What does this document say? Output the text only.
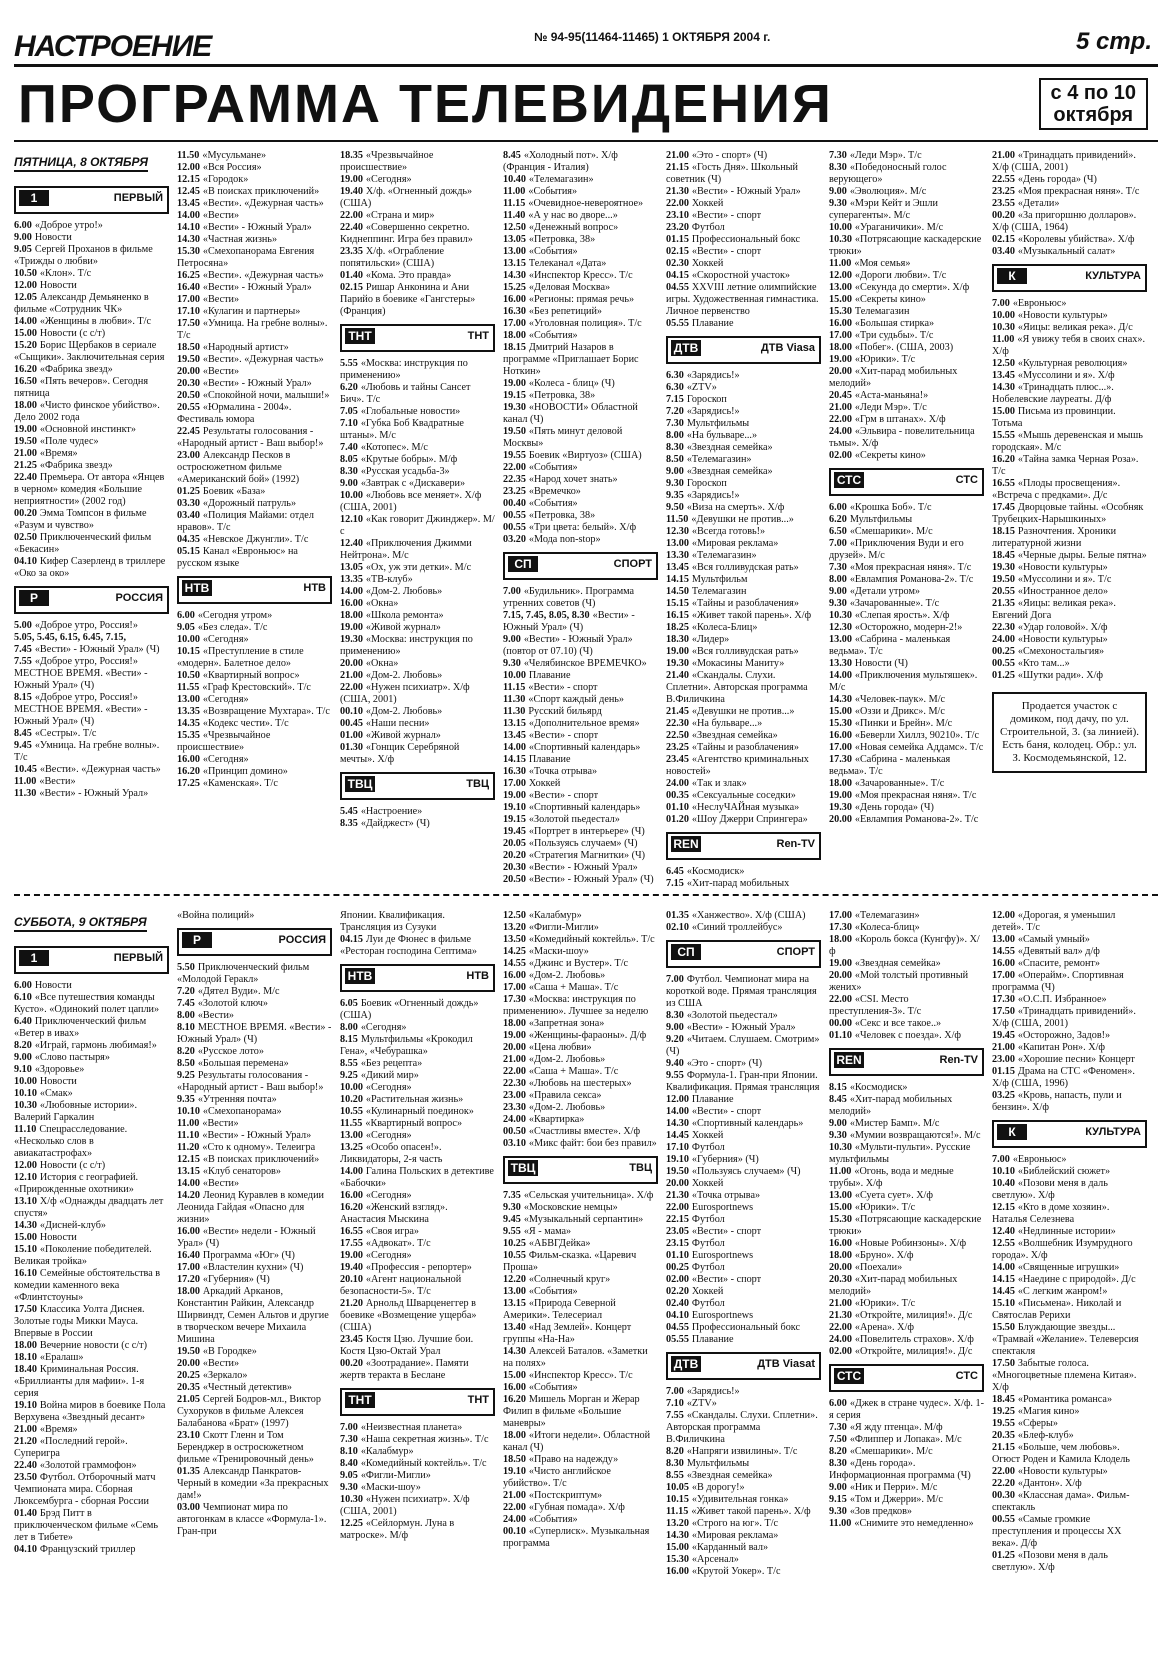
НАСТРОЕНИЕ	№ 94-95(11464-11465) 1 ОКТЯБРЯ 2004 г.	5 стр.
ПРОГРАММА ТЕЛЕВИДЕНИЯ	с 4 по 10
октября
ПЯТНИЦА, 8 ОКТЯБРЯ
1	ПЕРВЫЙ
6.00 «Доброе утро!»
9.00 Новости
9.05 Сергей Проханов в фильме «Трижды о любви»
10.50 «Клон». Т/с
12.00 Новости
12.05 Александр Демьяненко в фильме «Сотрудник ЧК»
14.00 «Женщины в любви». Т/с
15.00 Новости (с с/т)
15.20 Борис Щербаков в сериале «Сыщики». Заключительная серия
16.20 «Фабрика звезд»
16.50 «Пять вечеров». Сегодня пятница
18.00 «Чисто финское убийство». Дело 2002 года
19.00 «Основной инстинкт»
19.50 «Поле чудес»
21.00 «Время»
21.25 «Фабрика звезд»
22.40 Премьера. От автора «Янцев в черном» комедия «Большие неприятности» (2002 год)
00.20 Эмма Томпсон в фильме «Разум и чувство»
02.50 Приключенческий фильм «Бекасин»
04.10 Кифер Сазерленд в триллере «Око за око»
Р	РОССИЯ
5.00 «Доброе утро, Россия!»
5.05, 5.45, 6.15, 6.45, 7.15, 7.45 «Вести» - Южный Урал» (Ч)
7.55 «Доброе утро, Россия!» МЕСТНОЕ ВРЕМЯ. «Вести» - Южный Урал» (Ч)
8.15 «Доброе утро, Россия!» МЕСТНОЕ ВРЕМЯ. «Вести» - Южный Урал» (Ч)
8.45 «Сестры». Т/с
9.45 «Умница. На гребне волны». Т/с
10.45 «Вести». «Дежурная часть»
11.00 «Вести»
11.30 «Вести» - Южный Урал»
11.50 «Мусульмане»
12.00 «Вся Россия»
12.15 «Городок»
12.45 «В поисках приключений»
13.45 «Вести». «Дежурная часть»
14.00 «Вести»
14.10 «Вести» - Южный Урал»
14.30 «Частная жизнь»
15.30 «Смехопанорама Евгения Петросяна»
16.25 «Вести». «Дежурная часть»
16.40 «Вести» - Южный Урал»
17.00 «Вести»
17.10 «Кулагин и партнеры»
17.50 «Умница. На гребне волны». Т/с
18.50 «Народный артист»
19.50 «Вести». «Дежурная часть»
20.00 «Вести»
20.30 «Вести» - Южный Урал»
20.50 «Спокойной ночи, малыши!»
20.55 «Юрмалина - 2004». Фестиваль юмора
22.45 Результаты голосования - «Народный артист - Ваш выбор!»
23.00 Александр Песков в остросюжетном фильме «Американский бой» (1992)
01.25 Боевик «База»
03.30 «Дорожный патруль»
03.40 «Полиция Майами: отдел нравов». Т/с
04.35 «Невское Джунгли». Т/с
05.15 Канал «Евроньюс» на русском языке
НТВ	НТВ
6.00 «Сегодня утром»
9.05 «Без следа». Т/с
10.00 «Сегодня»
10.15 «Преступление в стиле «модерн». Балетное дело»
10.50 «Квартирный вопрос»
11.55 «Граф Крестовский». Т/с
13.00 «Сегодня»
13.35 «Возвращение Мухтара». Т/с
14.35 «Кодекс чести». Т/с
15.35 «Чрезвычайное происшествие»
16.00 «Сегодня»
16.20 «Принцип домино»
17.25 «Каменская». Т/с
18.35 «Чрезвычайное происшествие»
19.00 «Сегодня»
19.40 Х/ф. «Огненный дождь» (США)
22.00 «Страна и мир»
22.40 «Совершенно секретно. Киднеппинг. Игра без правил»
23.35 Х/ф. «Ограбление попятильски» (США)
01.40 «Кома. Это правда»
02.15 Ришар Анконина и Ани Парийо в боевике «Гангстеры» (Франция)
ТНТ	ТНТ
5.55 «Москва: инструкция по применению»
6.20 «Любовь и тайны Сансет Бич». Т/с
7.05 «Глобальные новости»
7.10 «Губка Боб Квадратные штаны». М/с
7.40 «Котопес». М/с
8.05 «Крутые бобры». М/ф
8.30 «Русская усадьба-3»
9.00 «Завтрак с «Дискавери»
10.00 «Любовь все меняет». Х/ф (США, 2001)
12.10 «Как говорит Джинджер». М/с
12.40 «Приключения Джимми Нейтрона». М/с
13.05 «Ох, уж эти детки». М/с
13.35 «ТВ-клуб»
14.00 «Дом-2. Любовь»
16.00 «Окна»
18.00 «Школа ремонта»
19.00 «Живой журнал»
19.30 «Москва: инструкция по применению»
20.00 «Окна»
21.00 «Дом-2. Любовь»
22.00 «Нужен психиатр». Х/ф (США, 2001)
00.10 «Дом-2. Любовь»
00.45 «Наши песни»
01.00 «Живой журнал»
01.30 «Гонщик Серебряной мечты». Х/ф
ТВЦ	ТВЦ
5.45 «Настроение»
8.35 «Дайджест» (Ч)
8.45 «Холодный пот». Х/ф (Франция - Италия)
10.40 «Телемагазин»
11.00 «События»
11.15 «Очевидное-невероятное»
11.40 «А у нас во дворе...»
12.50 «Денежный вопрос»
13.05 «Петровка, 38»
13.00 «События»
13.15 Телеканал «Дата»
14.30 «Инспектор Кресс». Т/с
15.25 «Деловая Москва»
16.00 «Регионы: прямая речь»
16.30 «Без репетиций»
17.00 «Уголовная полиция». Т/с
18.00 «События»
18.15 Дмитрий Назаров в программе «Приглашает Борис Ноткин»
19.00 «Колеса - блиц» (Ч)
19.15 «Петровка, 38»
19.30 «НОВОСТИ» Областной канал (Ч)
19.50 «Пять минут деловой Москвы»
19.55 Боевик «Виртуоз» (США)
22.00 «События»
22.35 «Народ хочет знать»
23.25 «Времечко»
00.40 «События»
00.55 «Петровка, 38»
00.55 «Три цвета: белый». Х/ф
03.20 «Мода non-stop»
СП	СПОРТ
7.00 «Будильник». Программа утренних советов (Ч)
7.15, 7.45, 8.05, 8.30 «Вести» - Южный Урал» (Ч)
9.00 «Вести» - Южный Урал» (повтор от 07.10) (Ч)
9.30 «Челябинское ВРЕМЕЧКО»
10.00 Плавание
11.15 «Вести» - спорт
11.30 «Спорт каждый день»
11.30 Русский бильярд
13.15 «Дополнительное время»
13.45 «Вести» - спорт
14.00 «Спортивный календарь»
14.15 Плавание
16.30 «Точка отрыва»
17.00 Хоккей
19.00 «Вести» - спорт
19.10 «Спортивный календарь»
19.15 «Золотой пьедестал»
19.45 «Портрет в интерьере» (Ч)
20.05 «Пользуясь случаем» (Ч)
20.20 «Стратегия Магнитки» (Ч)
20.30 «Вести» - Южный Урал»
20.50 «Вести» - Южный Урал» (Ч)
21.00 «Это - спорт» (Ч)
21.15 «Гость Дня». Школьный советник (Ч)
21.30 «Вести» - Южный Урал»
22.00 Хоккей
23.10 «Вести» - спорт
23.20 Футбол
01.15 Профессиональный бокс
02.15 «Вести» - спорт
02.30 Хоккей
04.15 «Скоростной участок»
04.55 XXVIII летние олимпийские игры. Художественная гимнастика. Личное первенство
05.55 Плавание
ДТВ	ДТВ Viasa
6.30 «Зарядись!»
6.30 «ZTV»
7.15 Гороскоп
7.20 «Зарядись!»
7.30 Мультфильмы
8.00 «На бульваре...»
8.30 «Звездная семейка»
8.50 «Телемагазин»
9.00 «Звездная семейка»
9.30 Гороскоп
9.35 «Зарядись!»
9.50 «Виза на смерть». Х/ф
11.50 «Девушки не против...»
12.30 «Всегда готовь!»
13.00 «Мировая реклама»
13.30 «Телемагазин»
13.45 «Вся голливудская рать»
14.15 Мультфильм
14.50 Телемагазин
15.15 «Тайны и разоблачения»
16.15 «Живет такой парень». Х/ф
18.25 «Колеса-Блиц»
18.30 «Лидер»
19.00 «Вся голливудская рать»
19.30 «Мокасины Маниту»
21.40 «Скандалы. Слухи. Сплетни». Авторская программа В.Филичкина
21.45 «Девушки не против...»
22.30 «На бульваре...»
22.50 «Звездная семейка»
23.25 «Тайны и разоблачения»
23.45 «Агентство криминальных новостей»
24.00 «Так и злак»
00.35 «Сексуальные соседки»
01.10 «НеслуЧАЙная музыка»
01.20 «Шоу Джерри Спрингера»
REN	Ren-TV
6.45 «Космодиск»
7.15 «Хит-парад мобильных
7.30 «Леди Мэр». Т/с
8.30 «Победоносный голос верующего»
9.00 «Эволюция». М/с
9.30 «Мэри Кейт и Эшли суперагенты». М/с
10.00 «Ураганичики». М/с
10.30 «Потрясающие каскадерские трюки»
11.00 «Моя семья»
12.00 «Дороги любви». Т/с
13.00 «Секунда до смерти». Х/ф
15.00 «Секреты кино»
15.30 Телемагазин
16.00 «Большая стирка»
17.00 «Три судьбы». Т/с
18.00 «Побег». (США, 2003)
19.00 «Юрики». Т/с
20.00 «Хит-парад мобильных мелодий»
20.45 «Аста-маньяна!»
21.00 «Леди Мэр». Т/с
22.00 «Грм в штанах». Х/ф
24.00 «Эльвира - повелительница тьмы». Х/ф
02.00 «Секреты кино»
СТС	СТС
6.00 «Крошка Боб». Т/с
6.20 Мультфильмы
6.50 «Смешарики». М/с
7.00 «Приключения Вуди и его друзей». М/с
7.30 «Моя прекрасная няня». Т/с
8.00 «Евлампия Романова-2». Т/с
9.00 «Детали утром»
9.30 «Зачарованные». Т/с
10.30 «Слепая ярость». Х/ф
12.30 «Осторожно, модерн-2!»
13.00 «Сабрина - маленькая ведьма». Т/с
13.30 Новости (Ч)
14.00 «Приключения мультяшек». М/с
14.30 «Человек-паук». М/с
15.00 «Оззи и Дрикс». М/с
15.30 «Пинки и Брейн». М/с
16.00 «Беверли Хиллз, 90210». Т/с
17.00 «Новая семейка Аддамс». Т/с
17.30 «Сабрина - маленькая ведьма». Т/с
18.00 «Зачарованные». Т/с
19.00 «Моя прекрасная няня». Т/с
19.30 «День города» (Ч)
20.00 «Евлампия Романова-2». Т/с
21.00 «Тринадцать привидений». Х/ф (США, 2001)
22.55 «День города» (Ч)
23.25 «Моя прекрасная няня». Т/с
23.55 «Детали»
00.20 «За пригоршню долларов». Х/ф (США, 1964)
02.15 «Королевы убийства». Х/ф
03.40 «Музыкальный салат»
К	КУЛЬТУРА
7.00 «Евроньюс»
10.00 «Новости культуры»
10.30 «Яицы: великая река». Д/с
11.00 «Я увижу тебя в своих снах». Х/ф
12.50 «Культурная революция»
13.45 «Муссолини и я». Х/ф
14.30 «Тринадцать плюс...». Нобелевские лауреаты. Д/ф
15.00 Письма из провинции. Тотьма
15.55 «Мышь деревенская и мышь городская». М/с
16.20 «Тайна замка Черная Роза». Т/с
16.55 «Плоды просвещения». «Встреча с предками». Д/с
17.45 Дворцовые тайны. «Особняк Трубецких-Нарышкиных»
18.15 Разночтения. Хроники литературной жизни
18.45 «Черные дыры. Белые пятна»
19.30 «Новости культуры»
19.50 «Муссолини и я». Т/с
20.55 «Иностранное дело»
21.35 «Яицы: великая река». Евгений Дога
22.30 «Удар головой». Х/ф
24.00 «Новости культуры»
00.25 «Смехоностальгия»
00.55 «Кто там...»
01.25 «Шутки ради». Х/ф
Продается участок с домиком, под дачу, по ул. Строительной, 3. (за линией). Есть баня, колодец. Обр.: ул. З. Космодемьянской, 12.
СУББОТА, 9 ОКТЯБРЯ
1	ПЕРВЫЙ
6.00 Новости
6.10 «Все путешествия команды Кусто». «Одинокий полет цапли»
6.40 Приключенческий фильм «Ветер в ивах»
8.20 «Играй, гармонь любимая!»
9.00 «Слово пастыря»
9.10 «Здоровье»
10.00 Новости
10.10 «Смак»
10.30 «Любовные истории». Валерий Гаркалин
11.10 Спецрасследование. «Несколько слов в авиакатастрофах»
12.00 Новости (с с/т)
12.10 История с географией. «Прирожденные охотники»
13.10 Х/ф «Однажды двадцать лет спустя»
14.30 «Дисней-клуб»
15.00 Новости
15.10 «Поколение победителей. Великая тройка»
16.10 Семейные обстоятельства в комедии каменного века «Флинтстоуны»
17.50 Классика Уолта Диснея. Золотые годы Микки Мауса. Впервые в России
18.00 Вечерние новости (с с/т)
18.10 «Ералаш»
18.40 Криминальная Россия. «Бриллианты для мафии». 1-я серия
19.10 Война миров в боевике Пола Верхувена «Звездный десант»
21.00 «Время»
21.20 «Последний герой». Суперигра
22.40 «Золотой граммофон»
23.50 Футбол. Отборочный матч Чемпионата мира. Сборная Люксембурга - сборная России
01.40 Брэд Питт в приключенческом фильме «Семь лет в Тибете»
04.10 Французский триллер
«Война полиций»
Р	РОССИЯ
5.50 Приключенческий фильм «Молодой Геракл»
7.20 «Дятел Вуди». М/с
7.45 «Золотой ключ»
8.00 «Вести»
8.10 МЕСТНОЕ ВРЕМЯ. «Вести» - Южный Урал» (Ч)
8.20 «Русское лото»
8.50 «Большая перемена»
9.25 Результаты голосования - «Народный артист - Ваш выбор!»
9.35 «Утренняя почта»
10.10 «Смехопанорама»
11.00 «Вести»
11.10 «Вести» - Южный Урал»
11.20 «Сто к одному». Телеигра
12.15 «В поисках приключений»
13.15 «Клуб сенаторов»
14.00 «Вести»
14.20 Леонид Куравлев в комедии Леонида Гайдая «Опасно для жизни»
16.00 «Вести» недели - Южный Урал» (Ч)
16.40 Программа «Юг» (Ч)
17.00 «Властелин кухни» (Ч)
17.20 «Губерния» (Ч)
18.00 Аркадий Арканов, Константин Райкин, Александр Ширвиндт, Семен Альтов и другие в творческом вечере Михаила Мишина
19.50 «В Городке»
20.00 «Вести»
20.25 «Зеркало»
20.35 «Честный детектив»
21.05 Сергей Бодров-мл., Виктор Сухоруков в фильме Алексея Балабанова «Брат» (1997)
23.10 Скотт Гленн и Том Беренджер в остросюжетном фильме «Тренировочный день»
01.35 Александр Панкратов-Черный в комедии «За прекрасных дам!»
03.00 Чемпионат мира по автогонкам в классе «Формула-1». Гран-при
Японии. Квалификация. Трансляция из Сузуки
04.15 Луи де Фюнес в фильме «Ресторан господина Септима»
НТВ	НТВ
6.05 Боевик «Огненный дождь» (США)
8.00 «Сегодня»
8.15 Мультфильмы «Крокодил Гена», «Чебурашка»
8.55 «Без рецепта»
9.25 «Дикий мир»
10.00 «Сегодня»
10.20 «Растительная жизнь»
10.55 «Кулинарный поединок»
11.55 «Квартирный вопрос»
13.00 «Сегодня»
13.25 «Особо опасен!». Ликвидаторы, 2-я часть
14.00 Галина Польских в детективе «Бабочки»
16.00 «Сегодня»
16.20 «Женский взгляд». Анастасия Мыскина
16.55 «Своя игра»
17.55 «Адвокат». Т/с
19.00 «Сегодня»
19.40 «Профессия - репортер»
20.10 «Агент национальной безопасности-5». Т/с
21.20 Арнольд Шварценеггер в боевике «Возмещение ущерба» (США)
23.45 Костя Цзю. Лучшие бои. Костя Цзю-Октай Урал
00.20 «Зоотрадание». Памяти жертв теракта в Беслане
ТНТ	ТНТ
7.00 «Неизвестная планета»
7.30 «Наша секретная жизнь». Т/с
8.10 «Калабмур»
8.40 «Комедийный коктейль». Т/с
9.05 «Фигли-Мигли»
9.30 «Маски-шоу»
10.30 «Нужен психиатр». Х/ф (США, 2001)
12.25 «Сейлормун. Луна в матроске». М/ф
12.50 «Калабмур»
13.20 «Фигли-Мигли»
13.50 «Комедийный коктейль». Т/с
14.25 «Маски-шоу»
14.55 «Джинс и Вустер». Т/с
16.00 «Дом-2. Любовь»
17.00 «Саша + Маша». Т/с
17.30 «Москва: инструкция по применению». Лучшее за неделю
18.00 «Запретная зона»
19.00 «Женщины-фараоны». Д/ф
20.00 «Цена любви»
21.00 «Дом-2. Любовь»
22.00 «Саша + Маша». Т/с
22.30 «Любовь на шестерых»
23.00 «Правила секса»
23.30 «Дом-2. Любовь»
24.00 «Квартирка»
00.50 «Счастливы вместе». Х/ф
03.10 «Микс файт: бои без правил»
ТВЦ	ТВЦ
7.35 «Сельская учительница». Х/ф
9.30 «Московские немцы»
9.45 «Музыкальный серпантин»
9.55 «Я - мама»
10.25 «АБВГДейка»
10.55 Фильм-сказка. «Царевич Проша»
12.20 «Солнечный круг»
13.00 «События»
13.15 «Природа Северной Америки». Телесериал
13.40 «Над Землей». Концерт группы «На-На»
14.30 Алексей Баталов. «Заметки на полях»
15.00 «Инспектор Кресс». Т/с
16.00 «События»
16.20 Мишель Морган и Жерар Филип в фильме «Большие маневры»
18.00 «Итоги недели». Областной канал (Ч)
18.50 «Право на надежду»
19.10 «Чисто английское убийство». Т/с
21.00 «Постскриптум»
22.00 «Губная помада». Х/ф
24.00 «События»
00.10 «Суперлиск». Музыкальная программа
01.35 «Ханжество». Х/ф (США)
02.10 «Синий троллейбус»
СП	СПОРТ
7.00 Футбол. Чемпионат мира на короткой воде. Прямая трансляция из США
8.30 «Золотой пьедестал»
9.00 «Вести» - Южный Урал»
9.20 «Читаем. Слушаем. Смотрим» (Ч)
9.40 «Это - спорт» (Ч)
9.55 Формула-1. Гран-при Японии. Квалификация. Прямая трансляция
12.00 Плавание
14.00 «Вести» - спорт
14.30 «Спортивный календарь»
14.45 Хоккей
17.10 Футбол
19.10 «Губерния» (Ч)
19.50 «Пользуясь случаем» (Ч)
20.00 Хоккей
21.30 «Точка отрыва»
22.00 Eurosportnews
22.15 Футбол
23.05 «Вести» - спорт
23.15 Футбол
01.10 Eurosportnews
00.25 Футбол
02.00 «Вести» - спорт
02.20 Хоккей
02.40 Футбол
04.10 Eurosportnews
04.55 Профессиональный бокс
05.55 Плавание
ДТВ	ДТВ Viasat
7.00 «Зарядись!»
7.10 «ZTV»
7.55 «Скандалы. Слухи. Сплетни». Авторская программа В.Филичкина
8.20 «Напряги извилины». Т/с
8.30 Мультфильмы
8.55 «Звездная семейка»
10.05 «В дорогу!»
10.15 «Удивительная гонка»
11.15 «Живет такой парень». Х/ф
13.20 «Строго на юг». Т/с
14.30 «Мировая реклама»
15.00 «Карданный вал»
15.30 «Арсенал»
16.00 «Крутой Уокер». Т/с
17.00 «Телемагазин»
17.30 «Колеса-блиц»
18.00 «Король бокса (Кунгфу)». Х/ф
19.00 «Звездная семейка»
20.00 «Мой толстый противный жених»
22.00 «CSI. Место преступления-3». Т/с
00.00 «Секс и все такое..»
01.10 «Человек с поезда». Х/ф
REN	Ren-TV
8.15 «Космодиск»
8.45 «Хит-парад мобильных мелодий»
9.00 «Мистер Бамп». М/с
9.30 «Мумии возвращаются!». М/с
10.30 «Мульти-пульти». Русские мультфильмы
11.00 «Огонь, вода и медные трубы». Х/ф
13.00 «Суета сует». Х/ф
15.00 «Юрики». Т/с
15.30 «Потрясающие каскадерские трюки»
16.00 «Новые Робинзоны». Х/ф
18.00 «Бруно». Х/ф
20.00 «Поехали»
20.30 «Хит-парад мобильных мелодий»
21.00 «Юрики». Т/с
21.30 «Откройте, милиция!». Д/с
22.00 «Арена». Х/ф
24.00 «Повелитель страхов». Х/ф
02.00 «Откройте, милиция!». Д/с
СТС	СТС
6.00 «Джек в стране чудес». Х/ф. 1-я серия
7.30 «Я жду птенца». М/ф
7.50 «Флиппер и Лопака». М/с
8.20 «Смешарики». М/с
8.30 «День города». Информационная программа (Ч)
9.00 «Ник и Перри». М/с
9.15 «Том и Джерри». М/с
9.30 «Зов предков»
11.00 «Снимите это немедленно»
12.00 «Дорогая, я уменьшил детей». Т/с
13.00 «Самый умный»
14.55 «Девятый вал» д/ф
16.00 «Спасите, ремонт»
17.00 «Операйм». Спортивная программа (Ч)
17.30 «О.С.П. Избранное»
17.50 «Тринадцать привидений». Х/ф (США, 2001)
19.45 «Осторожно, Задов!»
21.00 «Капитан Рон». Х/ф
23.00 «Хорошие песни» Концерт
01.15 Драма на СТС «Феномен». Х/ф (США, 1996)
03.25 «Кровь, напасть, пули и бензин». Х/ф
К	КУЛЬТУРА
7.00 «Евроньюс»
10.10 «Библейский сюжет»
10.40 «Позови меня в даль светлую». Х/ф
12.15 «Кто в доме хозяин». Наталья Селезнева
12.40 «Недлинные истории»
12.55 «Волшебник Изумрудного города». Х/ф
14.00 «Священные игрушки»
14.15 «Наедине с природой». Д/с
14.45 «С легким жанром!»
15.10 «Письмена». Николай и Святослав Рерихи
15.50 Блуждающие звезды... «Трамвай «Желание». Телеверсия спектакля
17.50 Забытые голоса. «Многоцветные племена Китая». Х/ф
18.45 «Романтика романса»
19.25 «Магия кино»
19.55 «Сферы»
20.35 «Блеф-клуб»
21.15 «Больше, чем любовь». Огюст Роден и Камила Клодель
22.00 «Новости культуры»
22.20 «Дантон». Х/ф
00.30 «Классная дама». Фильм-спектакль
00.55 «Самые громкие преступления и процессы XX века». Д/ф
01.25 «Позови меня в даль светлую». Х/ф
